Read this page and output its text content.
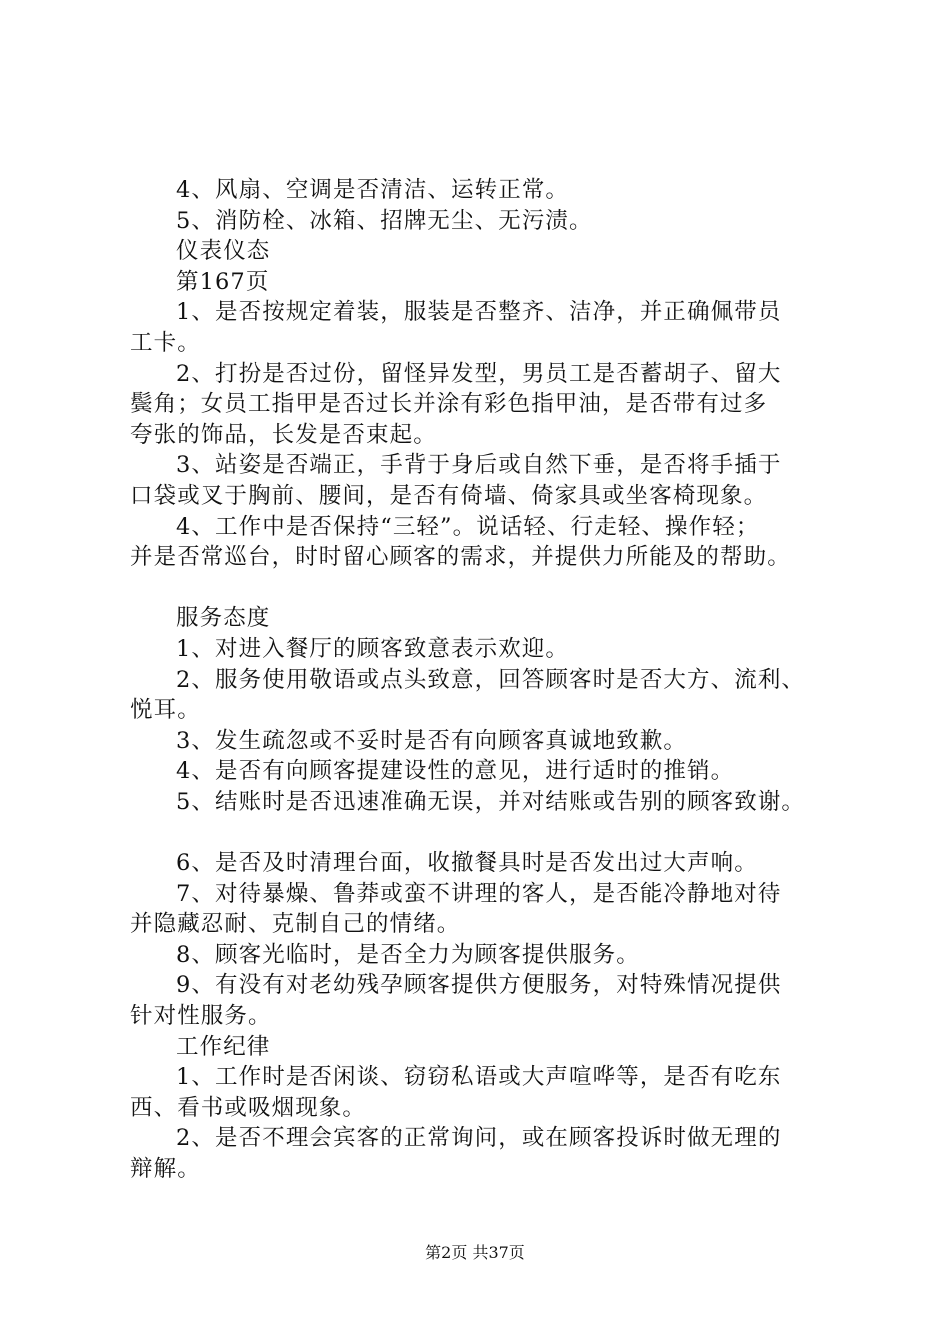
4、风扇、空调是否清洁、运转正常。
5、消防栓、冰箱、招牌无尘、无污渍。
仪表仪态
第167页
1、是否按规定着装，服装是否整齐、洁净，并正确佩带员
工卡。
2、打扮是否过份，留怪异发型，男员工是否蓄胡子、留大
鬓角；女员工指甲是否过长并涂有彩色指甲油，是否带有过多
夸张的饰品，长发是否束起。
3、站姿是否端正，手背于身后或自然下垂，是否将手插于
口袋或叉于胸前、腰间，是否有倚墙、倚家具或坐客椅现象。
4、工作中是否保持“三轻”。说话轻、行走轻、操作轻；
并是否常巡台，时时留心顾客的需求，并提供力所能及的帮助。
服务态度
1、对进入餐厅的顾客致意表示欢迎。
2、服务使用敬语或点头致意，回答顾客时是否大方、流利、
悦耳。
3、发生疏忽或不妥时是否有向顾客真诚地致歉。
4、是否有向顾客提建设性的意见，进行适时的推销。
5、结账时是否迅速准确无误，并对结账或告别的顾客致谢。
6、是否及时清理台面，收撤餐具时是否发出过大声响。
7、对待暴燥、鲁莽或蛮不讲理的客人，是否能冷静地对待
并隐藏忍耐、克制自己的情绪。
8、顾客光临时，是否全力为顾客提供服务。
9、有没有对老幼残孕顾客提供方便服务，对特殊情况提供
针对性服务。
工作纪律
1、工作时是否闲谈、窃窃私语或大声喧哗等，是否有吃东
西、看书或吸烟现象。
2、是否不理会宾客的正常询问，或在顾客投诉时做无理的
辩解。
第2页 共37页
